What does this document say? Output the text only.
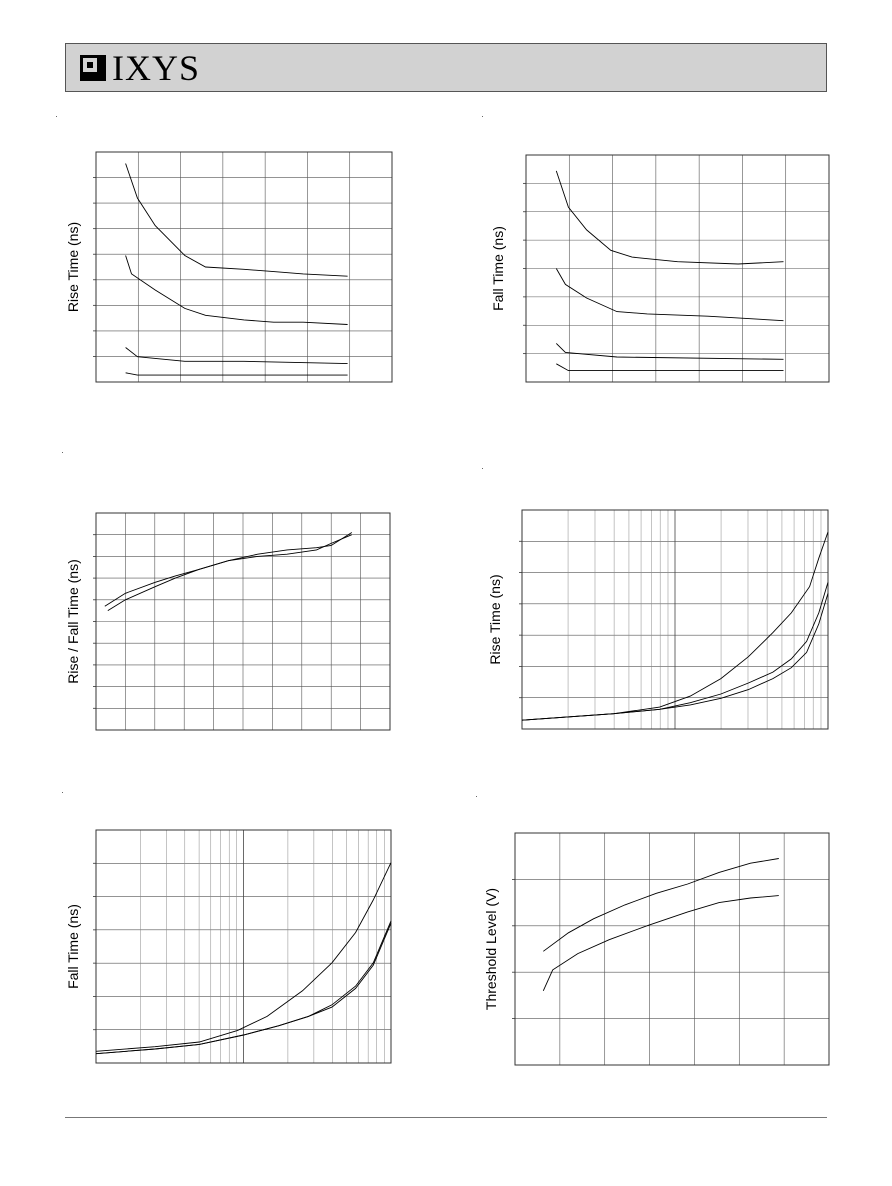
IXYS
Rise Time (ns)	Fall Time (ns)
Rise / Fall Time (ns)	Rise Time (ns)
Fall Time (ns)	Threshold Level (V)
